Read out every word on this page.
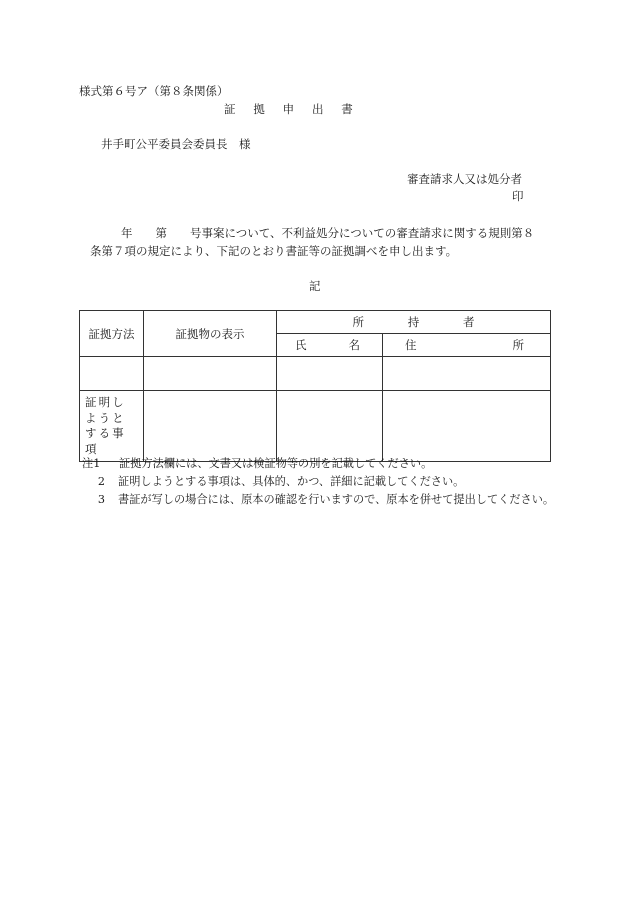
様式第６号ア（第８条関係）
証拠申出書
井手町公平委員会委員長　様
審査請求人又は処分者
印
年　　第　　号事案について、不利益処分についての審査請求に関する規則第８
条第７項の規定により、下記のとおり書証等の証拠調べを申し出ます。
記
証拠方法	証拠物の表示	所持者	

		氏 名	住 所

証明しようとする事項			
注1	証拠方法欄には、文書又は検証物等の別を記載してください。
2	証明しようとする事項は、具体的、かつ、詳細に記載してください。
3	書証が写しの場合には、原本の確認を行いますので、原本を併せて提出してください。
